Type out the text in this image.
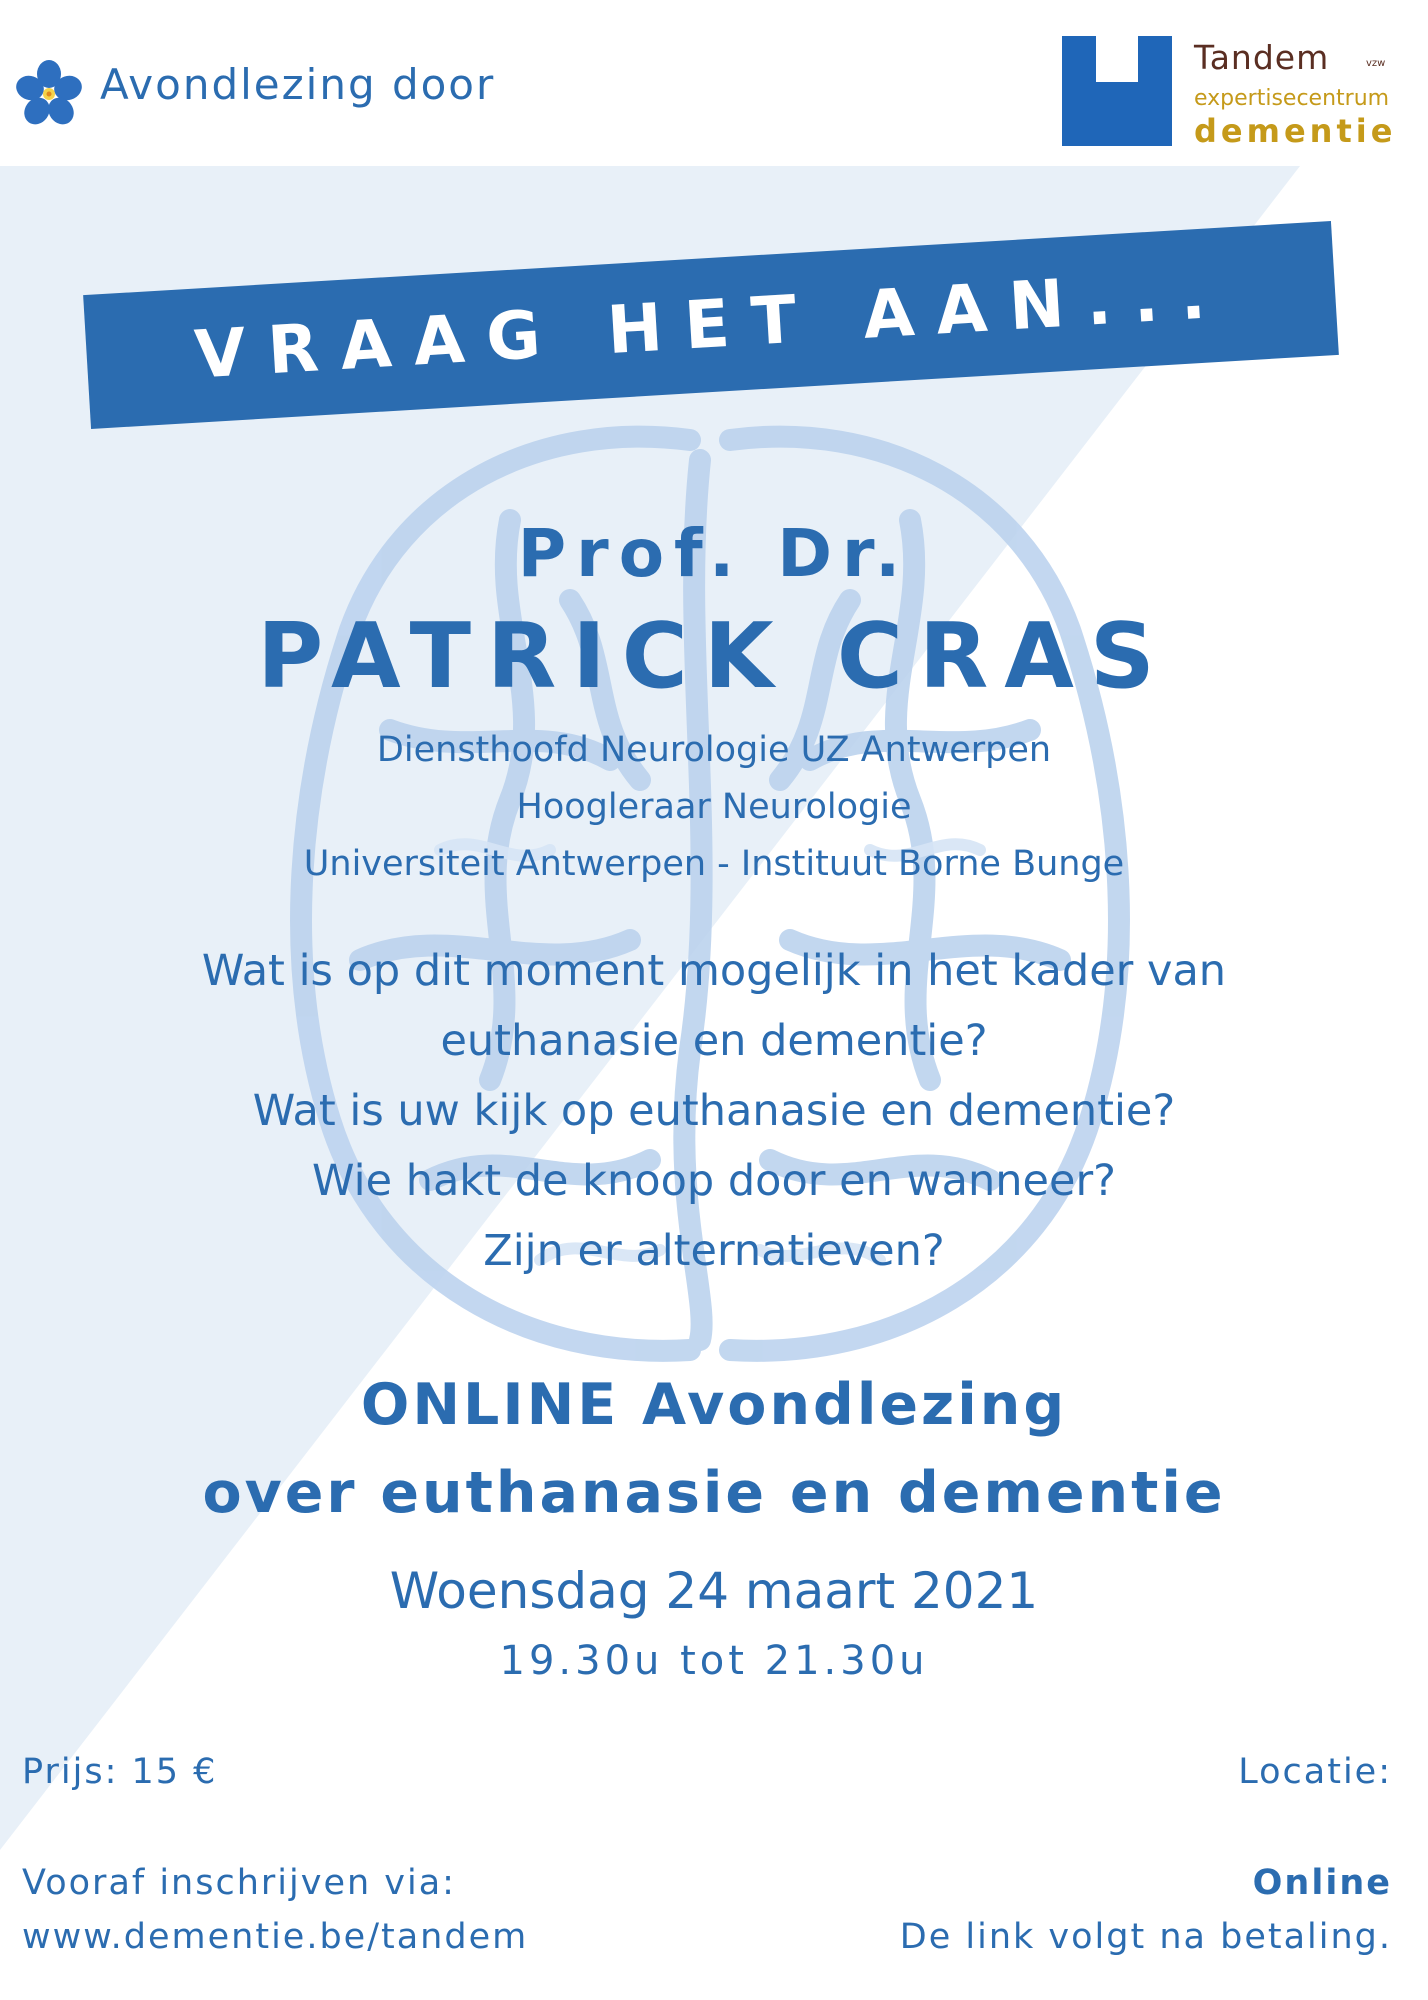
Avondlezing door
Tandem	vzw
expertisecentrum
dementie
VRAAG HET AAN...
Prof. Dr.
PATRICK CRAS
Diensthoofd Neurologie UZ Antwerpen
Hoogleraar Neurologie
Universiteit Antwerpen - Instituut Borne Bunge
Wat is op dit moment mogelijk in het kader van
euthanasie en dementie?
Wat is uw kijk op euthanasie en dementie?
Wie hakt de knoop door en wanneer?
Zijn er alternatieven?
ONLINE Avondlezing
over euthanasie en dementie
Woensdag 24 maart 2021
19.30u tot 21.30u
Prijs: 15 €
Vooraf inschrijven via:
www.dementie.be/tandem
Locatie:
Online
De link volgt na betaling.
